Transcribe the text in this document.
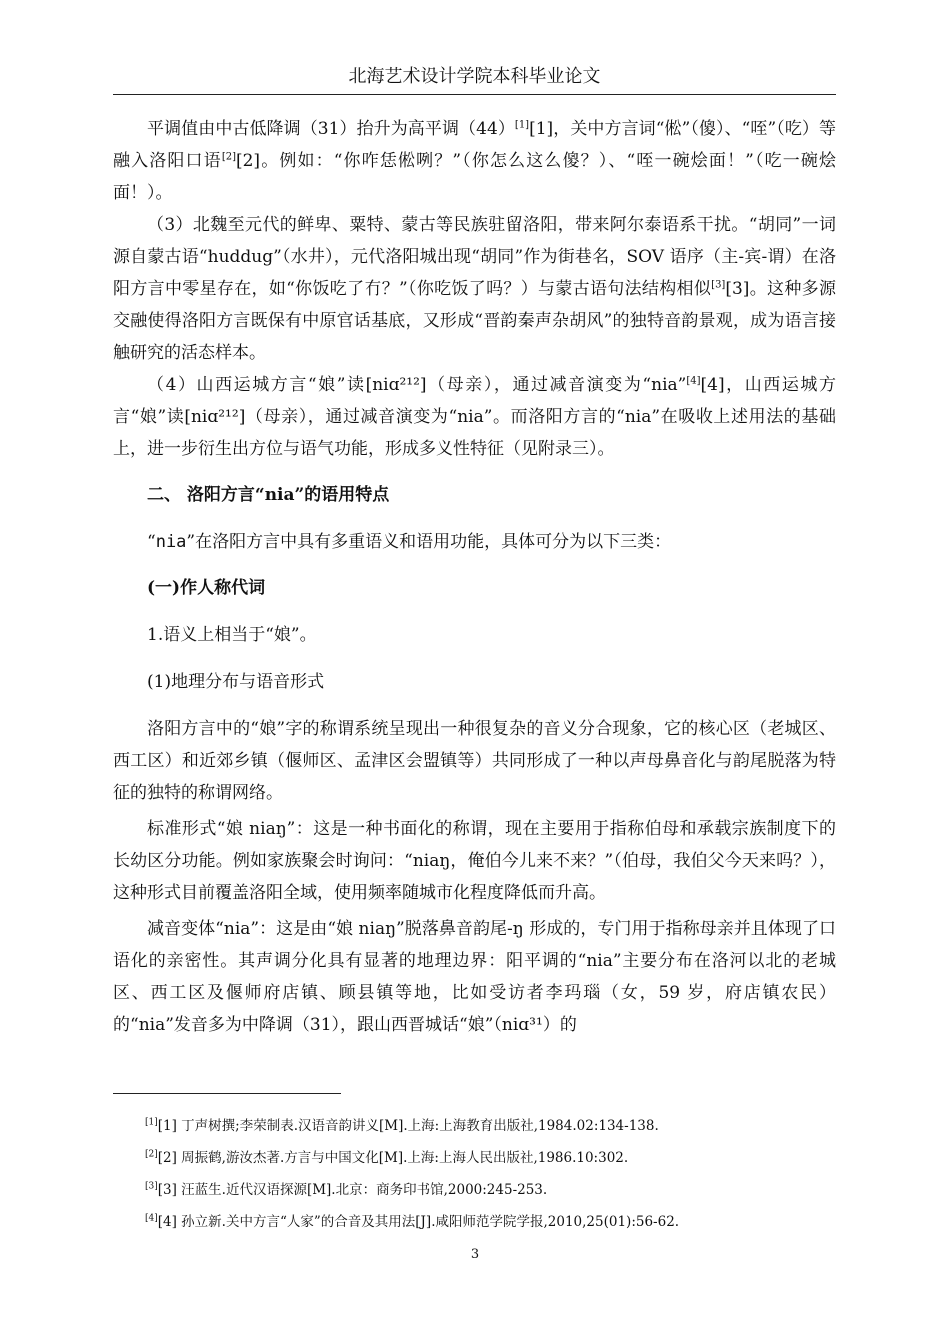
北海艺术设计学院本科毕业论文

平调值由中古低降调（31）抬升为高平调（44）[1][1]，关中方言词“倯”（傻）、“咥”（吃）等融入洛阳口语[2][2]。例如：“你咋恁倯咧？”（你怎么这么傻？）、“咥一碗烩面！”（吃一碗烩面！）。

（3）北魏至元代的鲜卑、粟特、蒙古等民族驻留洛阳，带来阿尔泰语系干扰。“胡同”一词源自蒙古语“huddug”（水井），元代洛阳城出现“胡同”作为街巷名，SOV 语序（主-宾-谓）在洛阳方言中零星存在，如“你饭吃了冇？”（你吃饭了吗？）与蒙古语句法结构相似[3][3]。这种多源交融使得洛阳方言既保有中原官话基底，又形成“晋韵秦声杂胡风”的独特音韵景观，成为语言接触研究的活态样本。

（4）山西运城方言“娘”读[niɑ²¹²]（母亲），通过减音演变为“nia”[4][4]，山西运城方言“娘”读[niɑ²¹²]（母亲），通过减音演变为“nia”。而洛阳方言的“nia”在吸收上述用法的基础上，进一步衍生出方位与语气功能，形成多义性特征（见附录三）。

二、 洛阳方言“nia”的语用特点

“nia”在洛阳方言中具有多重语义和语用功能，具体可分为以下三类：

(一)作人称代词

1.语义上相当于“娘”。

(1)地理分布与语音形式

洛阳方言中的“娘”字的称谓系统呈现出一种很复杂的音义分合现象，它的核心区（老城区、西工区）和近郊乡镇（偃师区、孟津区会盟镇等）共同形成了一种以声母鼻音化与韵尾脱落为特征的独特的称谓网络。

标准形式“娘 niaŋ”：这是一种书面化的称谓，现在主要用于指称伯母和承载宗族制度下的长幼区分功能。例如家族聚会时询问：“niaŋ，俺伯今儿来不来？”（伯母，我伯父今天来吗？），这种形式目前覆盖洛阳全域，使用频率随城市化程度降低而升高。

减音变体“nia”：这是由“娘 niaŋ”脱落鼻音韵尾-ŋ 形成的，专门用于指称母亲并且体现了口语化的亲密性。其声调分化具有显著的地理边界：阳平调的“nia”主要分布在洛河以北的老城区、西工区及偃师府店镇、顾县镇等地，比如受访者李玛瑙（女，59 岁，府店镇农民）的“nia”发音多为中降调（31），跟山西晋城话“娘”（niɑ³¹）的

[1][1] 丁声树撰;李荣制表.汉语音韵讲义[M].上海:上海教育出版社,1984.02:134-138.
[2][2] 周振鹤,游汝杰著.方言与中国文化[M].上海:上海人民出版社,1986.10:302.
[3][3] 汪蓝生.近代汉语探源[M].北京：商务印书馆,2000:245-253.
[4][4] 孙立新.关中方言“人家”的合音及其用法[J].咸阳师范学院学报,2010,25(01):56-62.
3
